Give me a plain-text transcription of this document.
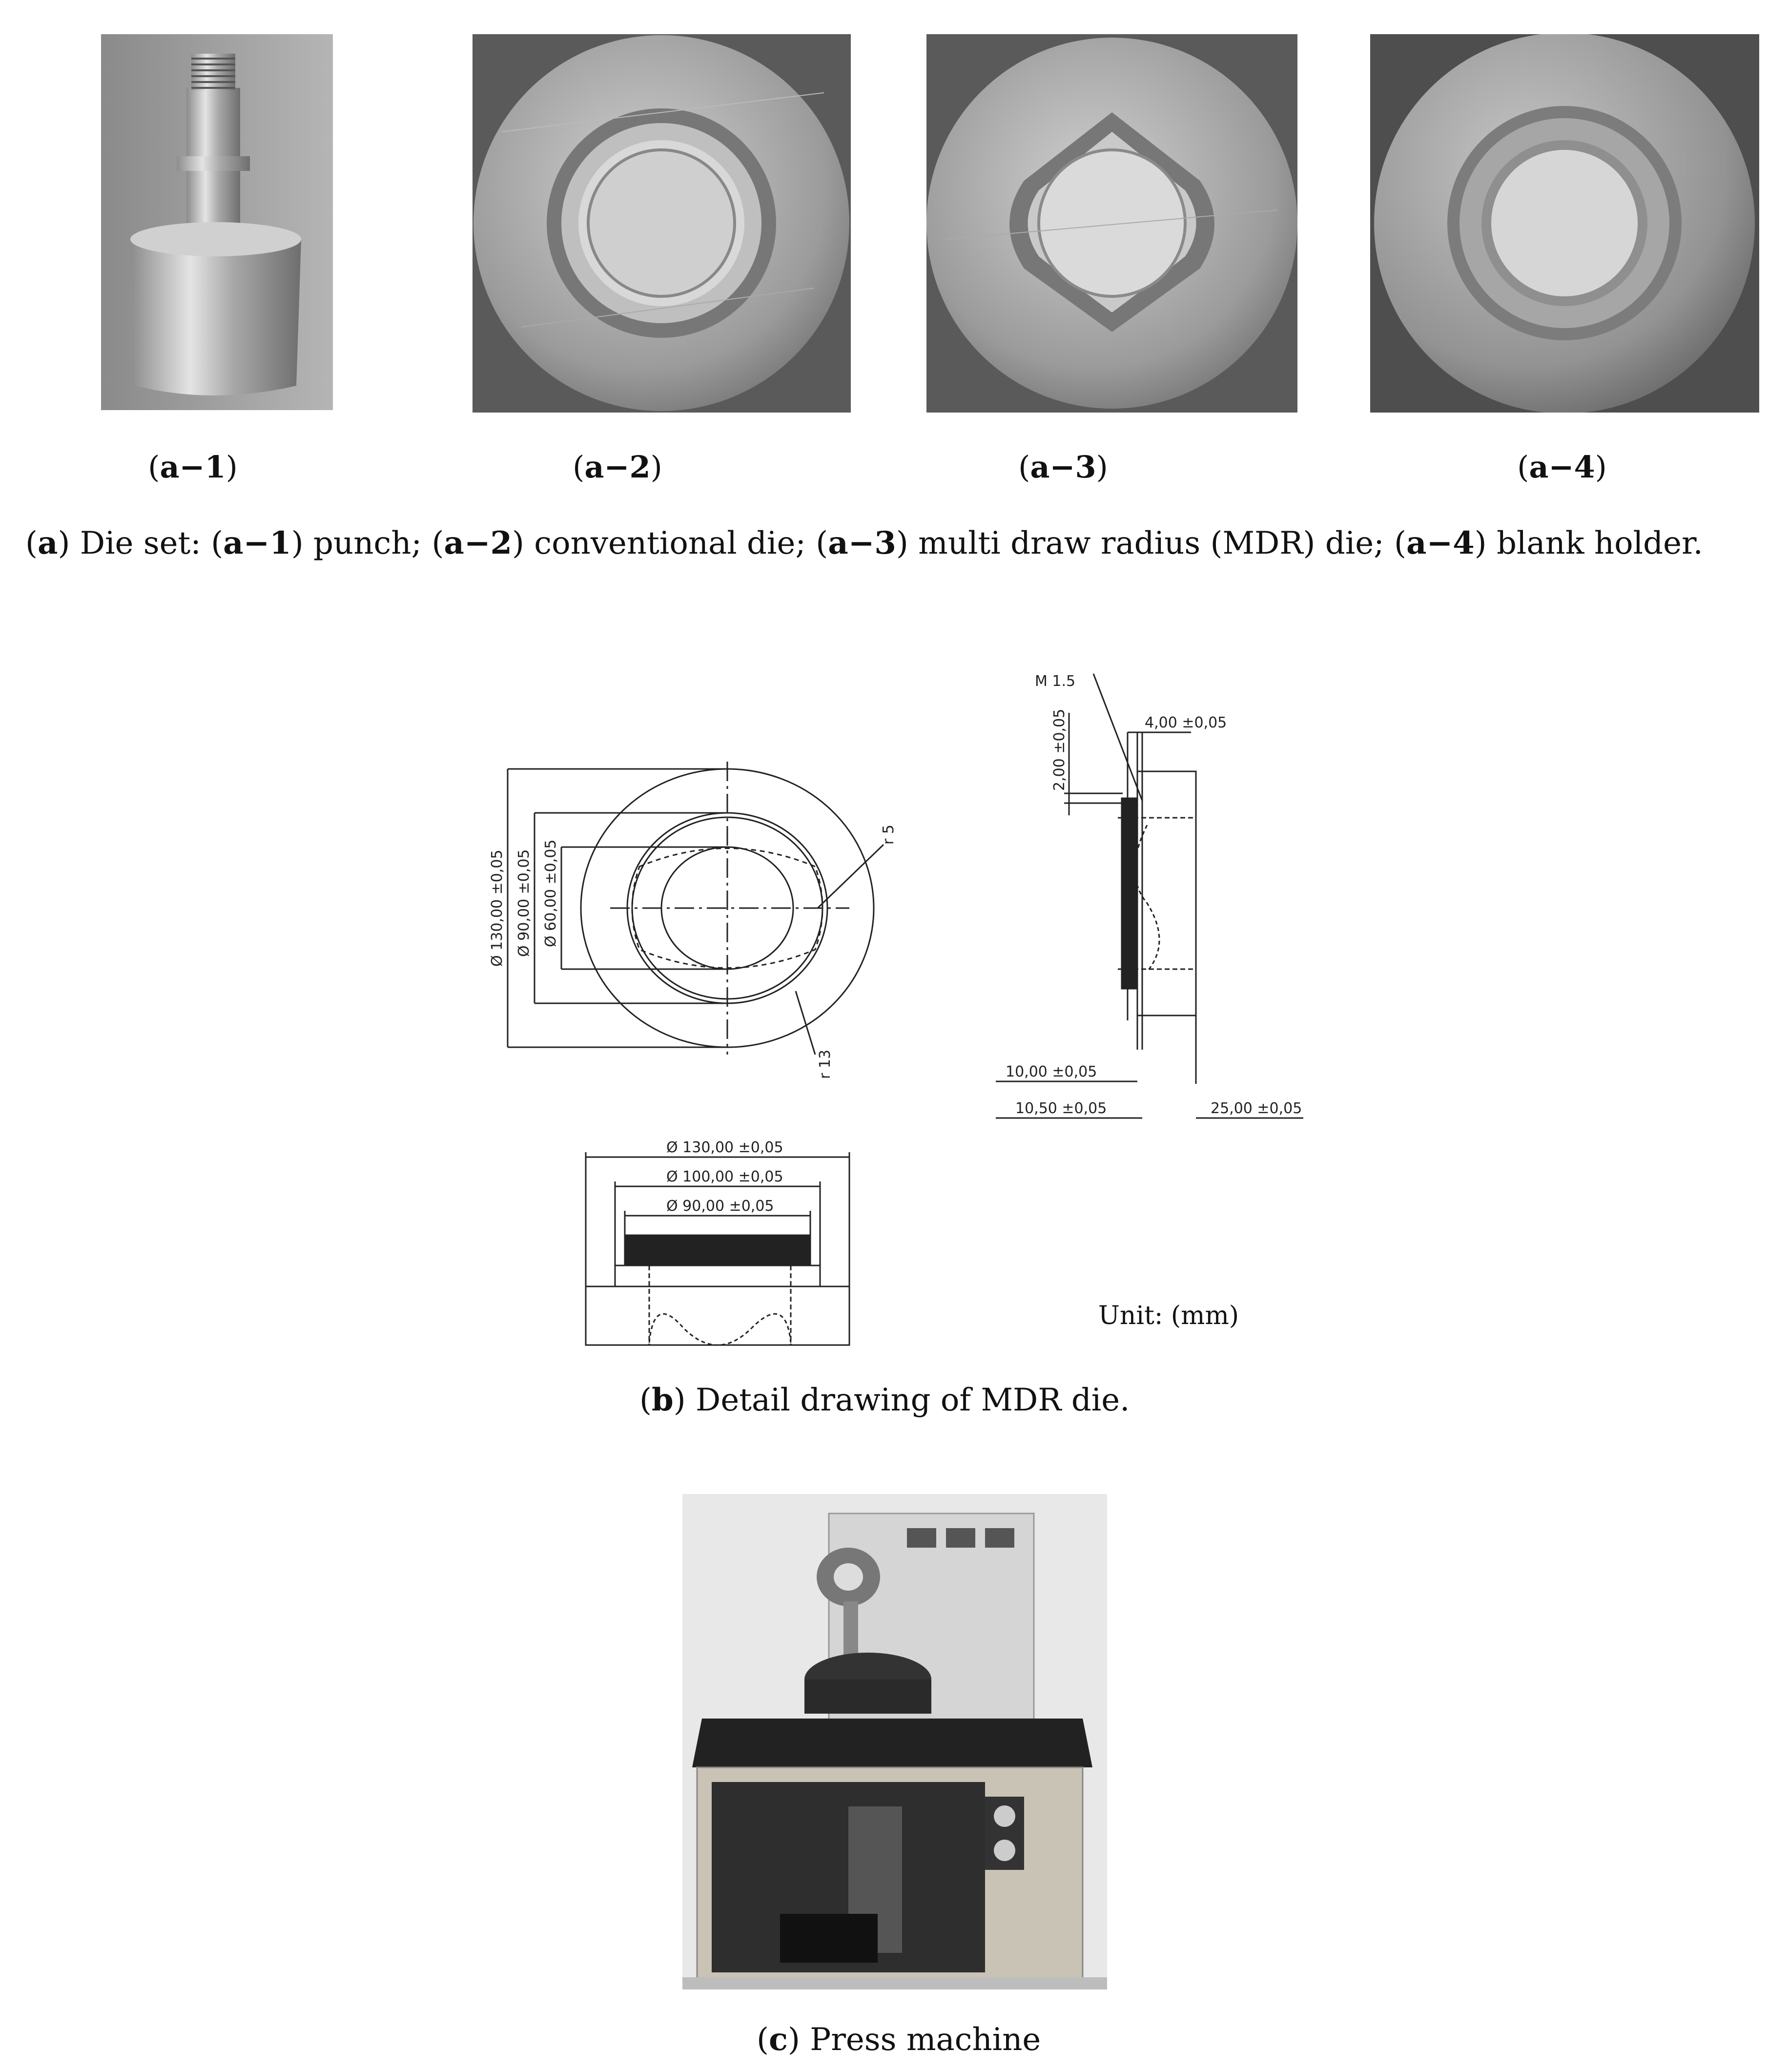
(a−1)	(a−2)	(a−3)	(a−4)
(a) Die set: (a−1) punch; (a−2) conventional die; (a−3) multi draw radius (MDR) die; (a−4) blank holder.
Ø 130,00 ±0,05 Ø 90,00 ±0,05 Ø 60,00 ±0,05
r 5
r 13
M 1.5
2,00 ±0,05	4,00 ±0,05
10,00 ±0,05
10,50 ±0,05	25,00 ±0,05
Ø 130,00 ±0,05
Ø 100,00 ±0,05
Ø 90,00 ±0,05
Unit: (mm)
(b) Detail drawing of MDR die.
(c) Press machine
